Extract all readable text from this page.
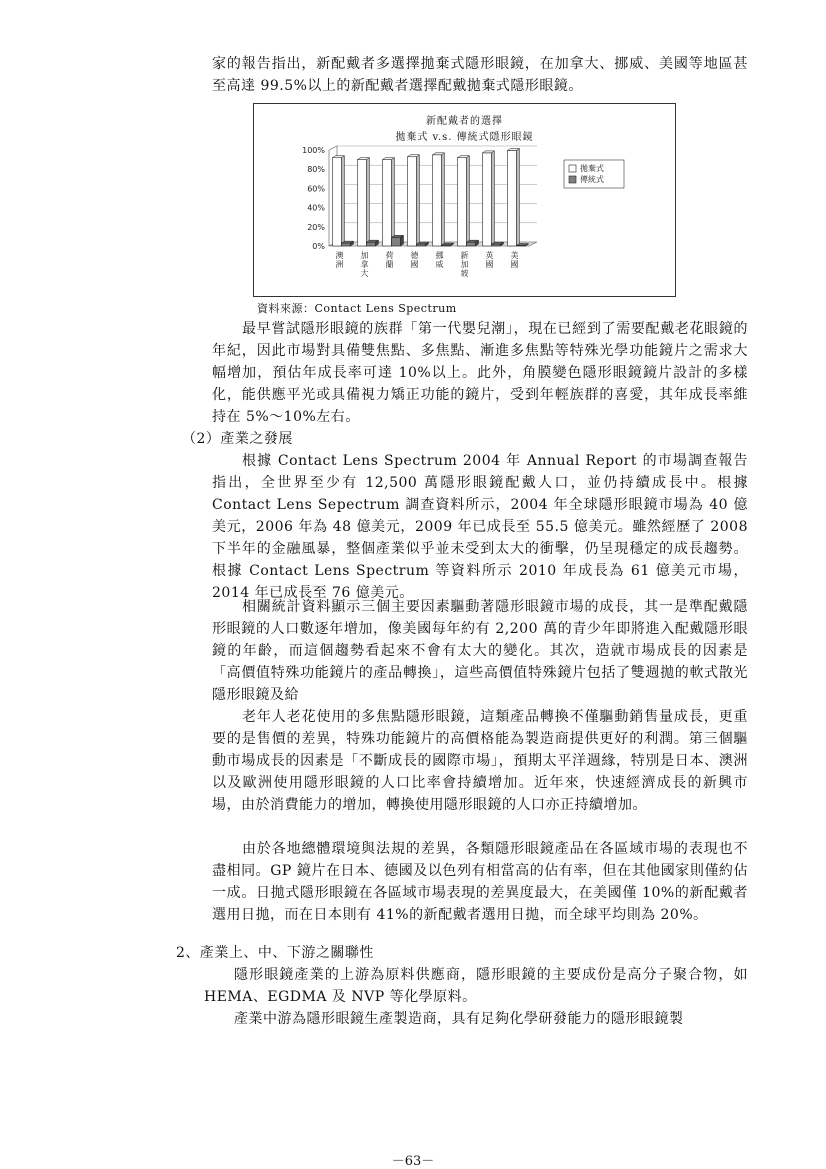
家的報告指出，新配戴者多選擇拋棄式隱形眼鏡，在加拿大、挪威、美國等地區甚至高達 99.5%以上的新配戴者選擇配戴拋棄式隱形眼鏡。

新配戴者的選擇
拋棄式 v.s. 傳統式隱形眼鏡
100%
80%
60%
40%
20%
0%
澳洲
加拿大
荷蘭
德國
挪威
新加坡
英國
美國
拋棄式
傳統式
資料來源：Contact Lens Spectrum

最早嘗試隱形眼鏡的族群「第一代嬰兒潮」，現在已經到了需要配戴老花眼鏡的年紀，因此市場對具備雙焦點、多焦點、漸進多焦點等特殊光學功能鏡片之需求大幅增加，預估年成長率可達 10%以上。此外，角膜變色隱形眼鏡鏡片設計的多樣化，能供應平光或具備視力矯正功能的鏡片，受到年輕族群的喜愛，其年成長率維持在 5%～10%左右。

（2）產業之發展

根據 Contact Lens Spectrum 2004 年 Annual Report 的市場調查報告指出，全世界至少有 12,500 萬隱形眼鏡配戴人口，並仍持續成長中。根據 Contact Lens Sepectrum 調查資料所示，2004 年全球隱形眼鏡市場為 40 億美元，2006 年為 48 億美元，2009 年已成長至 55.5 億美元。雖然經歷了 2008 下半年的金融風暴，整個產業似乎並未受到太大的衝擊，仍呈現穩定的成長趨勢。根據 Contact Lens Spectrum 等資料所示 2010 年成長為 61 億美元市場，2014 年已成長至 76 億美元。

相關統計資料顯示三個主要因素驅動著隱形眼鏡市場的成長，其一是準配戴隱形眼鏡的人口數逐年增加，像美國每年約有 2,200 萬的青少年即將進入配戴隱形眼鏡的年齡，而這個趨勢看起來不會有太大的變化。其次，造就市場成長的因素是「高價值特殊功能鏡片的產品轉換」，這些高價值特殊鏡片包括了雙週拋的軟式散光隱形眼鏡及給

老年人老花使用的多焦點隱形眼鏡，這類產品轉換不僅驅動銷售量成長，更重要的是售價的差異，特殊功能鏡片的高價格能為製造商提供更好的利潤。第三個驅動市場成長的因素是「不斷成長的國際市場」，預期太平洋週緣，特別是日本、澳洲以及歐洲使用隱形眼鏡的人口比率會持續增加。近年來，快速經濟成長的新興市場，由於消費能力的增加，轉換使用隱形眼鏡的人口亦正持續增加。

由於各地總體環境與法規的差異，各類隱形眼鏡產品在各區域市場的表現也不盡相同。GP 鏡片在日本、德國及以色列有相當高的佔有率，但在其他國家則僅約佔一成。日拋式隱形眼鏡在各區域市場表現的差異度最大，在美國僅 10%的新配戴者選用日拋，而在日本則有 41%的新配戴者選用日拋，而全球平均則為 20%。

2、產業上、中、下游之關聯性

隱形眼鏡產業的上游為原料供應商，隱形眼鏡的主要成份是高分子聚合物，如 HEMA、EGDMA 及 NVP 等化學原料。

產業中游為隱形眼鏡生產製造商，具有足夠化學研發能力的隱形眼鏡製

－63－
